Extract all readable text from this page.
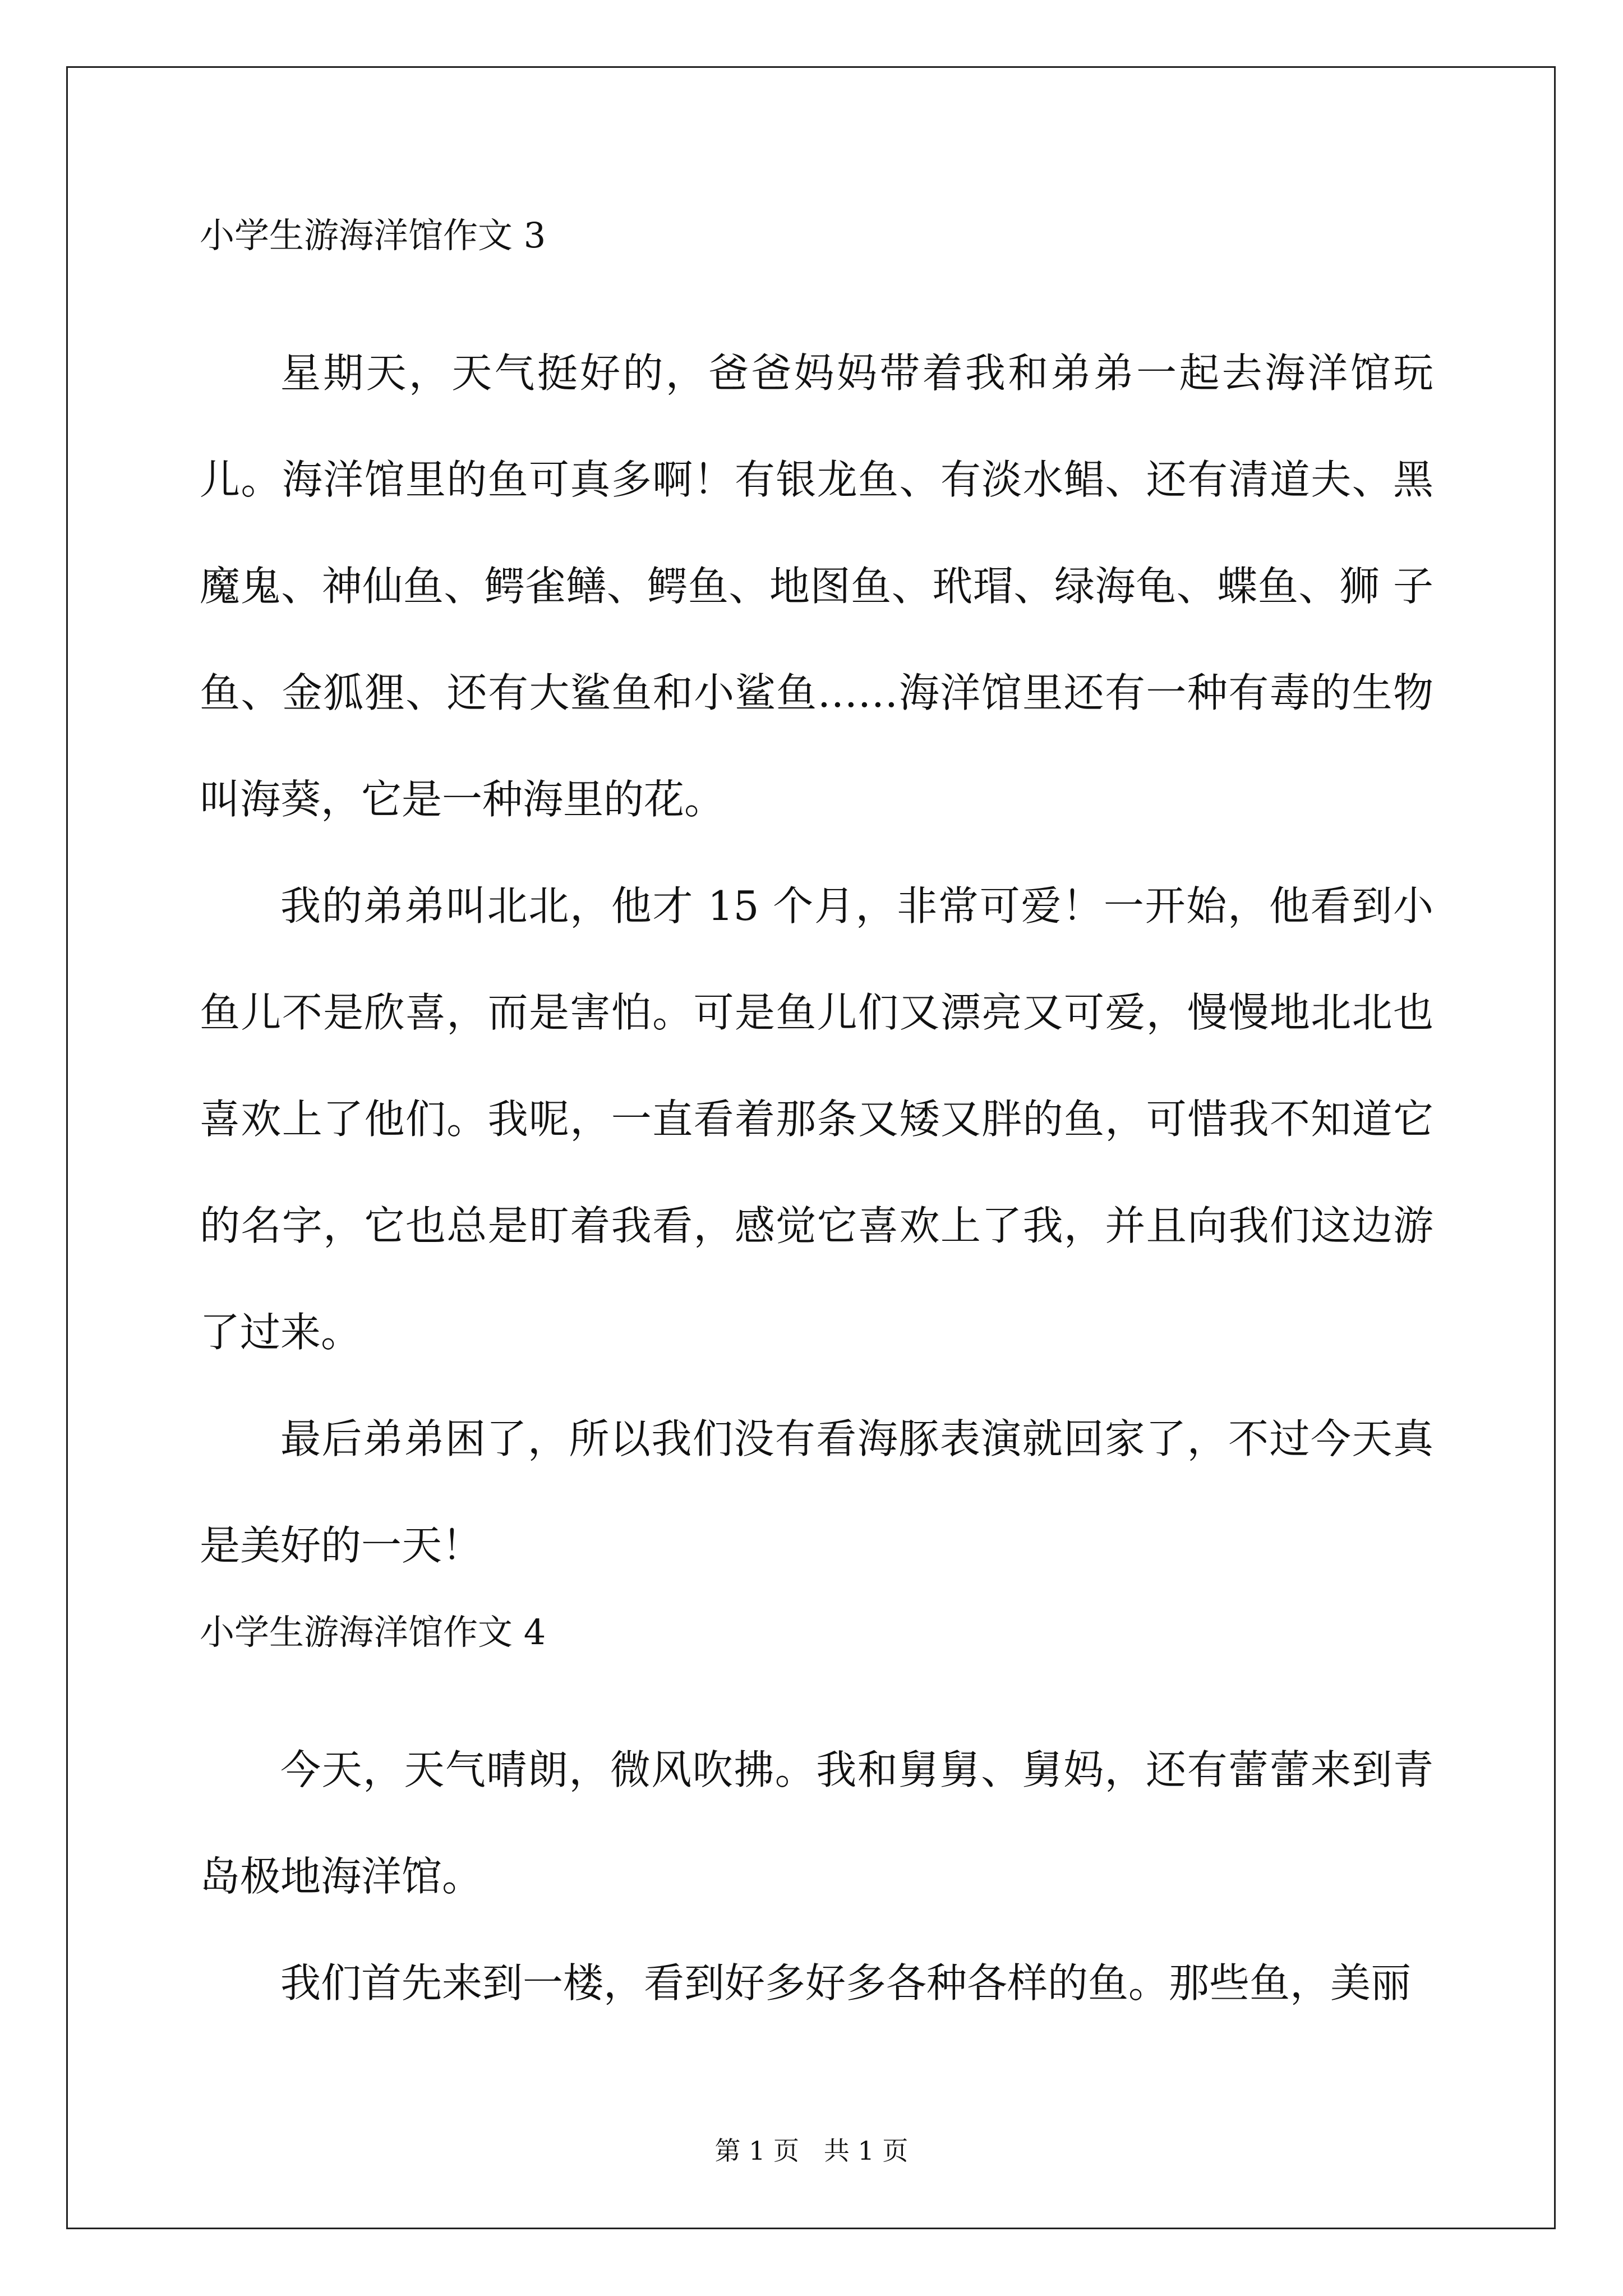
小学生游海洋馆作文 3

星期天，天气挺好的，爸爸妈妈带着我和弟弟一起去海洋馆玩儿。海洋馆里的鱼可真多啊！有银龙鱼、有淡水鲳、还有清道夫、黑魔鬼、神仙鱼、鳄雀鳝、鳄鱼、地图鱼、玳瑁、绿海龟、蝶鱼、狮 子鱼、金狐狸、还有大鲨鱼和小鲨鱼……海洋馆里还有一种有毒的生物叫海葵，它是一种海里的花。

我的弟弟叫北北，他才 15 个月，非常可爱！一开始，他看到小鱼儿不是欣喜，而是害怕。可是鱼儿们又漂亮又可爱，慢慢地北北也喜欢上了他们。我呢，一直看着那条又矮又胖的鱼，可惜我不知道它的名字，它也总是盯着我看，感觉它喜欢上了我，并且向我们这边游了过来。

最后弟弟困了，所以我们没有看海豚表演就回家了，不过今天真是美好的一天！

小学生游海洋馆作文 4

今天，天气晴朗，微风吹拂。我和舅舅、舅妈，还有蕾蕾来到青岛极地海洋馆。

我们首先来到一楼，看到好多好多各种各样的鱼。那些鱼，美丽

第 1 页   共 1 页
